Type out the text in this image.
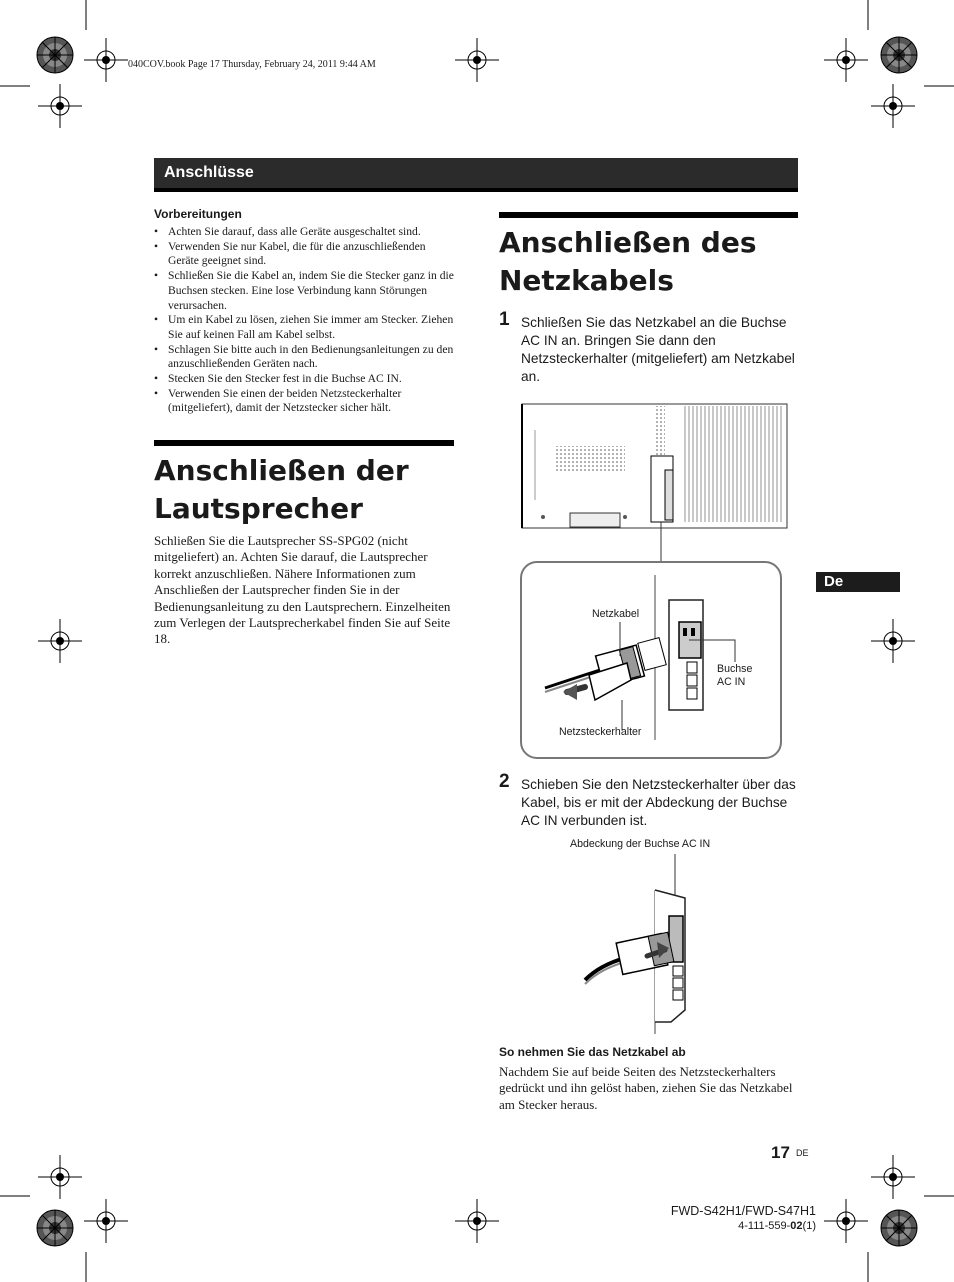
040COV.book Page 17 Thursday, February 24, 2011 9:44 AM
Anschlüsse
Vorbereitungen
• Achten Sie darauf, dass alle Geräte ausgeschaltet sind.
• Verwenden Sie nur Kabel, die für die anzuschließenden Geräte geeignet sind.
• Schließen Sie die Kabel an, indem Sie die Stecker ganz in die Buchsen stecken. Eine lose Verbindung kann Störungen verursachen.
• Um ein Kabel zu lösen, ziehen Sie immer am Stecker. Ziehen Sie auf keinen Fall am Kabel selbst.
• Schlagen Sie bitte auch in den Bedienungsanleitungen zu den anzuschließenden Geräten nach.
• Stecken Sie den Stecker fest in die Buchse AC IN.
• Verwenden Sie einen der beiden Netzsteckerhalter (mitgeliefert), damit der Netzstecker sicher hält.
Anschließen der
Lautsprecher
Schließen Sie die Lautsprecher SS-SPG02 (nicht mitgeliefert) an. Achten Sie darauf, die Lautsprecher korrekt anzuschließen. Nähere Informationen zum Anschließen der Lautsprecher finden Sie in der Bedienungsanleitung zu den Lautsprechern. Einzelheiten zum Verlegen der Lautsprecherkabel finden Sie auf Seite 18.
Anschließen des
Netzkabels
1 Schließen Sie das Netzkabel an die Buchse AC IN an. Bringen Sie dann den Netzsteckerhalter (mitgeliefert) am Netzkabel an.
Netzkabel
Buchse AC IN
Netzsteckerhalter
2 Schieben Sie den Netzsteckerhalter über das Kabel, bis er mit der Abdeckung der Buchse AC IN verbunden ist.
Abdeckung der Buchse AC IN
So nehmen Sie das Netzkabel ab
Nachdem Sie auf beide Seiten des Netzsteckerhalters gedrückt und ihn gelöst haben, ziehen Sie das Netzkabel am Stecker heraus.
De
17 DE
FWD-S42H1/FWD-S47H1
4-111-559-02(1)
